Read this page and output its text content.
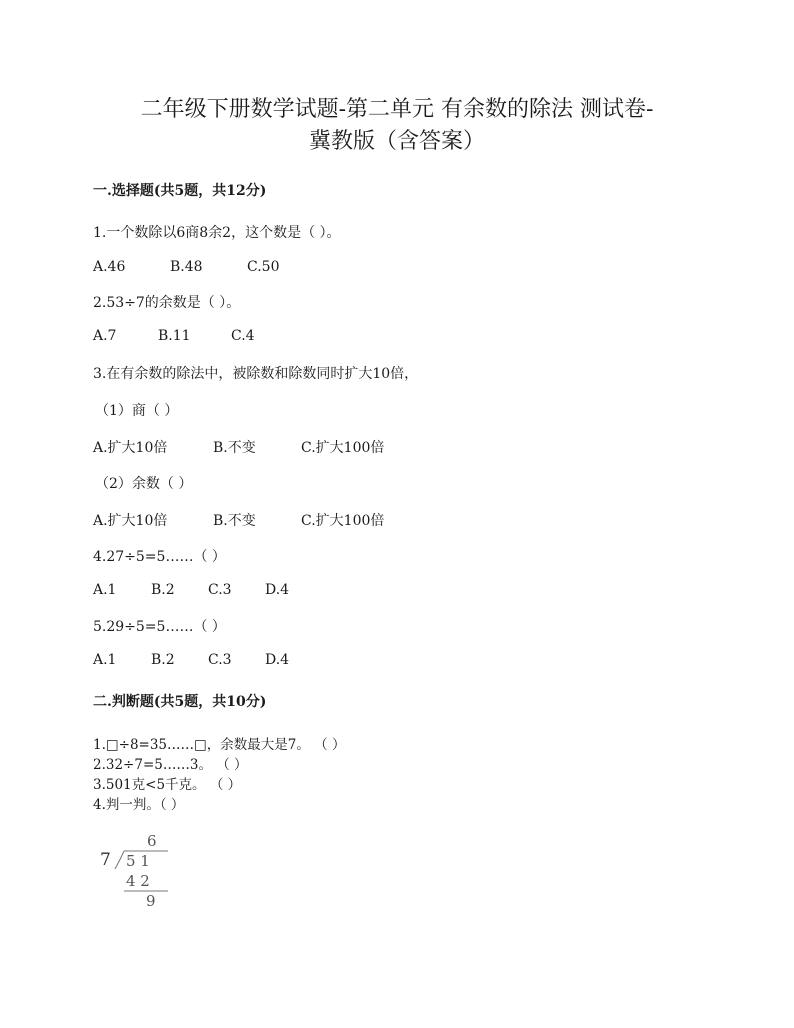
二年级下册数学试题-第二单元 有余数的除法 测试卷-
冀教版（含答案）
一.选择题(共5题，共12分)
1.一个数除以6商8余2，这个数是（ ）。
A.46	B.48	C.50
2.53÷7的余数是（ ）。
A.7	B.11	C.4
3.在有余数的除法中，被除数和除数同时扩大10倍，
（1）商（ ）
A.扩大10倍	B.不变	C.扩大100倍
（2）余数（ ）
A.扩大10倍	B.不变	C.扩大100倍
4.27÷5=5……（ ）
A.1 B.2 C.3 D.4
5.29÷5=5……（ ）
A.1 B.2 C.3 D.4
二.判断题(共5题，共10分)
1.□÷8=35……□，余数最大是7。 （ ）
2.32÷7=5……3。 （ ）
3.501克<5千克。 （ ）
4.判一判。（ ）
6
7 5 1
4 2
9
